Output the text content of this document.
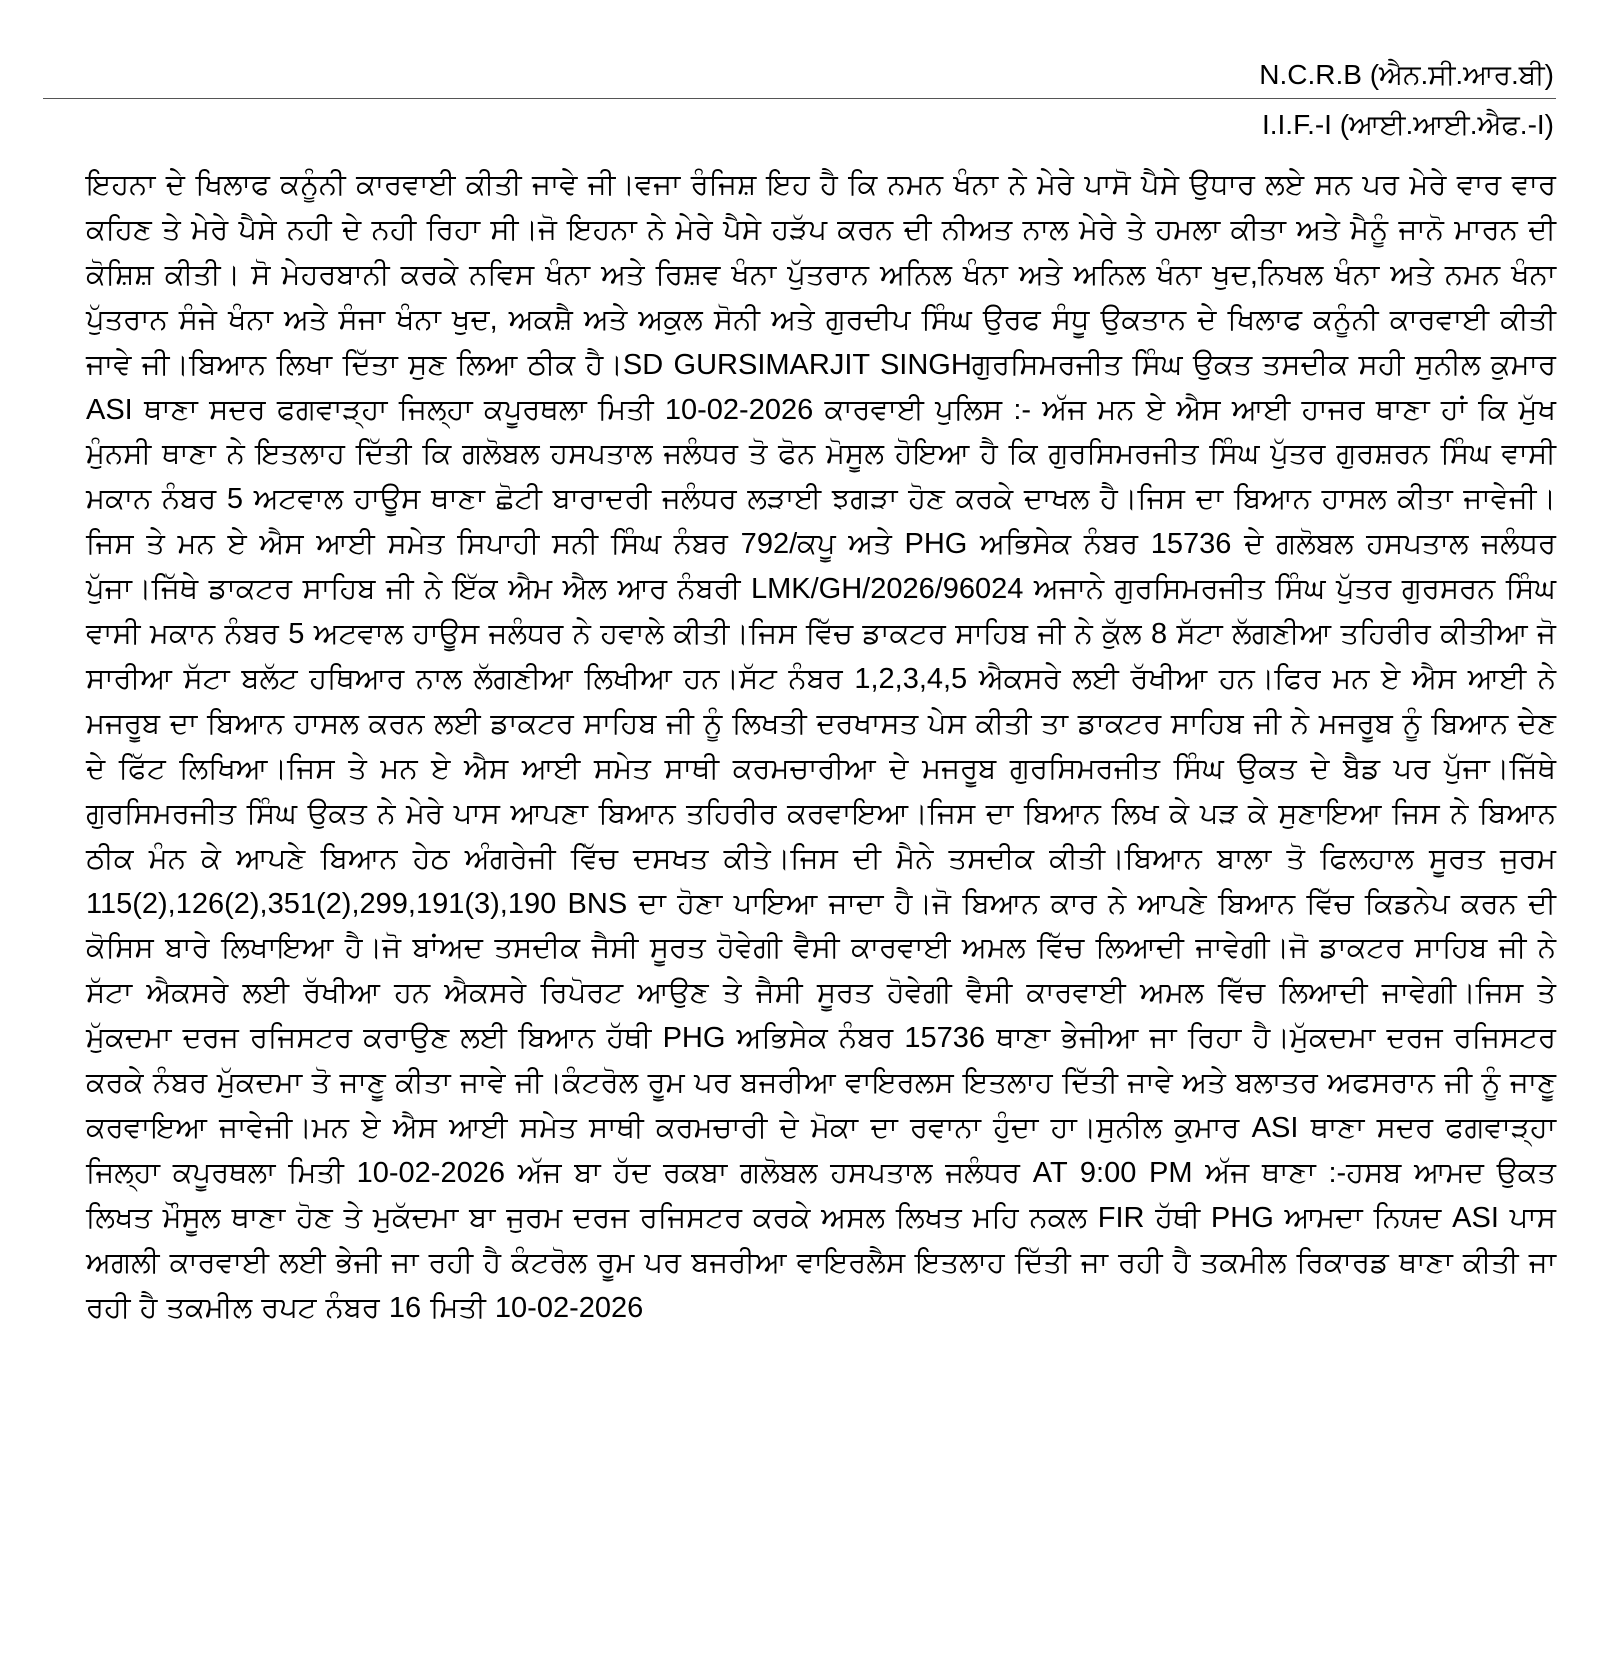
N.C.R.B (ਐਨ.ਸੀ.ਆਰ.ਬੀ)
I.I.F.-I (ਆਈ.ਆਈ.ਐਫ.-I)

ਇਹਨਾ ਦੇ ਖਿਲਾਫ ਕਨੂੰਨੀ ਕਾਰਵਾਈ ਕੀਤੀ ਜਾਵੇ ਜੀ।ਵਜਾ ਰੰਜਿਸ਼ ਇਹ ਹੈ ਕਿ ਨਮਨ ਖੰਨਾ ਨੇ ਮੇਰੇ ਪਾਸੋ ਪੈਸੇ ਉਧਾਰ ਲਏ ਸਨ ਪਰ ਮੇਰੇ ਵਾਰ ਵਾਰ ਕਹਿਣ ਤੇ ਮੇਰੇ ਪੈਸੇ ਨਹੀ ਦੇ ਨਹੀ ਰਿਹਾ ਸੀ।ਜੋ ਇਹਨਾ ਨੇ ਮੇਰੇ ਪੈਸੇ ਹੜੱਪ ਕਰਨ ਦੀ ਨੀਅਤ ਨਾਲ ਮੇਰੇ ਤੇ ਹਮਲਾ ਕੀਤਾ ਅਤੇ ਮੈਨੂੰ ਜਾਨੋ ਮਾਰਨ ਦੀ ਕੋਸ਼ਿਸ਼ ਕੀਤੀ। ਸੋ ਮੇਹਰਬਾਨੀ ਕਰਕੇ ਨਵਿਸ ਖੰਨਾ ਅਤੇ ਰਿਸ਼ਵ ਖੰਨਾ ਪੁੱਤਰਾਨ ਅਨਿਲ ਖੰਨਾ ਅਤੇ ਅਨਿਲ ਖੰਨਾ ਖੁਦ,ਨਿਖਲ ਖੰਨਾ ਅਤੇ ਨਮਨ ਖੰਨਾ ਪੁੱਤਰਾਨ ਸੰਜੇ ਖੰਨਾ ਅਤੇ ਸੰਜਾ ਖੰਨਾ ਖੁਦ, ਅਕਸ਼ੈ ਅਤੇ ਅਕੁਲ ਸੋਨੀ ਅਤੇ ਗੁਰਦੀਪ ਸਿੰਘ ਉਰਫ ਸੰਧੂ ਉਕਤਾਨ ਦੇ ਖਿਲਾਫ ਕਨੂੰਨੀ ਕਾਰਵਾਈ ਕੀਤੀ ਜਾਵੇ ਜੀ।ਬਿਆਨ ਲਿਖਾ ਦਿੱਤਾ ਸੁਣ ਲਿਆ ਠੀਕ ਹੈ।SD GURSIMARJIT SINGHਗੁਰਸਿਮਰਜੀਤ ਸਿੰਘ ਉਕਤ ਤਸਦੀਕ ਸਹੀ ਸੁਨੀਲ ਕੁਮਾਰ ASI ਥਾਣਾ ਸਦਰ ਫਗਵਾੜ੍ਹਾ ਜਿਲ੍ਹਾ ਕਪੂਰਥਲਾ ਮਿਤੀ 10-02-2026 ਕਾਰਵਾਈ ਪੁਲਿਸ :- ਅੱਜ ਮਨ ਏ ਐਸ ਆਈ ਹਾਜਰ ਥਾਣਾ ਹਾਂ ਕਿ ਮੁੱਖ ਮੁੰਨਸੀ ਥਾਣਾ ਨੇ ਇਤਲਾਹ ਦਿੱਤੀ ਕਿ ਗਲੋਬਲ ਹਸਪਤਾਲ ਜਲੰਧਰ ਤੋ ਫੋਨ ਮੋਸੂਲ ਹੋਇਆ ਹੈ ਕਿ ਗੁਰਸਿਮਰਜੀਤ ਸਿੰਘ ਪੁੱਤਰ ਗੁਰਸ਼ਰਨ ਸਿੰਘ ਵਾਸੀ ਮਕਾਨ ਨੰਬਰ 5 ਅਟਵਾਲ ਹਾਊਸ ਥਾਣਾ ਛੋਟੀ ਬਾਰਾਦਰੀ ਜਲੰਧਰ ਲੜਾਈ ਝਗੜਾ ਹੋਣ ਕਰਕੇ ਦਾਖਲ ਹੈ।ਜਿਸ ਦਾ ਬਿਆਨ ਹਾਸਲ ਕੀਤਾ ਜਾਵੇਜੀ।ਜਿਸ ਤੇ ਮਨ ਏ ਐਸ ਆਈ ਸਮੇਤ ਸਿਪਾਹੀ ਸਨੀ ਸਿੰਘ ਨੰਬਰ 792/ਕਪੂ ਅਤੇ PHG ਅਭਿਸੇਕ ਨੰਬਰ 15736 ਦੇ ਗਲੋਬਲ ਹਸਪਤਾਲ ਜਲੰਧਰ ਪੁੱਜਾ।ਜਿੱਥੇ ਡਾਕਟਰ ਸਾਹਿਬ ਜੀ ਨੇ ਇੱਕ ਐਮ ਐਲ ਆਰ ਨੰਬਰੀ LMK/GH/2026/96024 ਅਜਾਨੇ ਗੁਰਸਿਮਰਜੀਤ ਸਿੰਘ ਪੁੱਤਰ ਗੁਰਸਰਨ ਸਿੰਘ ਵਾਸੀ ਮਕਾਨ ਨੰਬਰ 5 ਅਟਵਾਲ ਹਾਊਸ ਜਲੰਧਰ ਨੇ ਹਵਾਲੇ ਕੀਤੀ।ਜਿਸ ਵਿੱਚ ਡਾਕਟਰ ਸਾਹਿਬ ਜੀ ਨੇ ਕੁੱਲ 8 ਸੱਟਾ ਲੱਗਣੀਆ ਤਹਿਰੀਰ ਕੀਤੀਆ ਜੋ ਸਾਰੀਆ ਸੱਟਾ ਬਲੱਟ ਹਥਿਆਰ ਨਾਲ ਲੱਗਣੀਆ ਲਿਖੀਆ ਹਨ।ਸੱਟ ਨੰਬਰ 1,2,3,4,5 ਐਕਸਰੇ ਲਈ ਰੱਖੀਆ ਹਨ।ਫਿਰ ਮਨ ਏ ਐਸ ਆਈ ਨੇ ਮਜਰੂਬ ਦਾ ਬਿਆਨ ਹਾਸਲ ਕਰਨ ਲਈ ਡਾਕਟਰ ਸਾਹਿਬ ਜੀ ਨੂੰ ਲਿਖਤੀ ਦਰਖਾਸਤ ਪੇਸ ਕੀਤੀ ਤਾ ਡਾਕਟਰ ਸਾਹਿਬ ਜੀ ਨੇ ਮਜਰੂਬ ਨੂੰ ਬਿਆਨ ਦੇਣ ਦੇ ਫਿੱਟ ਲਿਖਿਆ।ਜਿਸ ਤੇ ਮਨ ਏ ਐਸ ਆਈ ਸਮੇਤ ਸਾਥੀ ਕਰਮਚਾਰੀਆ ਦੇ ਮਜਰੂਬ ਗੁਰਸਿਮਰਜੀਤ ਸਿੰਘ ਉਕਤ ਦੇ ਬੈਡ ਪਰ ਪੁੱਜਾ।ਜਿੱਥੇ ਗੁਰਸਿਮਰਜੀਤ ਸਿੰਘ ਉਕਤ ਨੇ ਮੇਰੇ ਪਾਸ ਆਪਣਾ ਬਿਆਨ ਤਹਿਰੀਰ ਕਰਵਾਇਆ।ਜਿਸ ਦਾ ਬਿਆਨ ਲਿਖ ਕੇ ਪੜ ਕੇ ਸੁਣਾਇਆ ਜਿਸ ਨੇ ਬਿਆਨ ਠੀਕ ਮੰਨ ਕੇ ਆਪਣੇ ਬਿਆਨ ਹੇਠ ਅੰਗਰੇਜੀ ਵਿੱਚ ਦਸਖਤ ਕੀਤੇ।ਜਿਸ ਦੀ ਮੈਨੇ ਤਸਦੀਕ ਕੀਤੀ।ਬਿਆਨ ਬਾਲਾ ਤੋ ਫਿਲਹਾਲ ਸੂਰਤ ਜੁਰਮ 115(2),126(2),351(2),299,191(3),190 BNS ਦਾ ਹੋਣਾ ਪਾਇਆ ਜਾਦਾ ਹੈ।ਜੋ ਬਿਆਨ ਕਾਰ ਨੇ ਆਪਣੇ ਬਿਆਨ ਵਿੱਚ ਕਿਡਨੇਪ ਕਰਨ ਦੀ ਕੋਸਿਸ ਬਾਰੇ ਲਿਖਾਇਆ ਹੈ।ਜੋ ਬਾਂਅਦ ਤਸਦੀਕ ਜੈਸੀ ਸੂਰਤ ਹੋਵੇਗੀ ਵੈਸੀ ਕਾਰਵਾਈ ਅਮਲ ਵਿੱਚ ਲਿਆਦੀ ਜਾਵੇਗੀ।ਜੋ ਡਾਕਟਰ ਸਾਹਿਬ ਜੀ ਨੇ ਸੱਟਾ ਐਕਸਰੇ ਲਈ ਰੱਖੀਆ ਹਨ ਐਕਸਰੇ ਰਿਪੋਰਟ ਆਉਣ ਤੇ ਜੈਸੀ ਸੂਰਤ ਹੋਵੇਗੀ ਵੈਸੀ ਕਾਰਵਾਈ ਅਮਲ ਵਿੱਚ ਲਿਆਦੀ ਜਾਵੇਗੀ।ਜਿਸ ਤੇ ਮੁੱਕਦਮਾ ਦਰਜ ਰਜਿਸਟਰ ਕਰਾਉਣ ਲਈ ਬਿਆਨ ਹੱਥੀ PHG ਅਭਿਸੇਕ ਨੰਬਰ 15736 ਥਾਣਾ ਭੇਜੀਆ ਜਾ ਰਿਹਾ ਹੈ।ਮੁੱਕਦਮਾ ਦਰਜ ਰਜਿਸਟਰ ਕਰਕੇ ਨੰਬਰ ਮੁੱਕਦਮਾ ਤੋ ਜਾਣੂ ਕੀਤਾ ਜਾਵੇ ਜੀ।ਕੰਟਰੋਲ ਰੂਮ ਪਰ ਬਜਰੀਆ ਵਾਇਰਲਸ ਇਤਲਾਹ ਦਿੱਤੀ ਜਾਵੇ ਅਤੇ ਬਲਾਤਰ ਅਫਸਰਾਨ ਜੀ ਨੂੰ ਜਾਣੂ ਕਰਵਾਇਆ ਜਾਵੇਜੀ।ਮਨ ਏ ਐਸ ਆਈ ਸਮੇਤ ਸਾਥੀ ਕਰਮਚਾਰੀ ਦੇ ਮੋਕਾ ਦਾ ਰਵਾਨਾ ਹੁੰਦਾ ਹਾ।ਸੁਨੀਲ ਕੁਮਾਰ ASI ਥਾਣਾ ਸਦਰ ਫਗਵਾੜ੍ਹਾ ਜਿਲ੍ਹਾ ਕਪੂਰਥਲਾ ਮਿਤੀ 10-02-2026 ਅੱਜ ਬਾ ਹੱਦ ਰਕਬਾ ਗਲੋਬਲ ਹਸਪਤਾਲ ਜਲੰਧਰ AT 9:00 PM ਅੱਜ ਥਾਣਾ :-ਹਸਬ ਆਮਦ ਉਕਤ ਲਿਖਤ ਮੌਸੂਲ ਥਾਣਾ ਹੋਣ ਤੇ ਮੁਕੱਦਮਾ ਬਾ ਜੁਰਮ ਦਰਜ ਰਜਿਸਟਰ ਕਰਕੇ ਅਸਲ ਲਿਖਤ ਮਹਿ ਨਕਲ FIR ਹੱਥੀ PHG ਆਮਦਾ ਨਿਯਦ ASI ਪਾਸ ਅਗਲੀ ਕਾਰਵਾਈ ਲਈ ਭੇਜੀ ਜਾ ਰਹੀ ਹੈ ਕੰਟਰੋਲ ਰੂਮ ਪਰ ਬਜਰੀਆ ਵਾਇਰਲੈਸ ਇਤਲਾਹ ਦਿੱਤੀ ਜਾ ਰਹੀ ਹੈ ਤਕਮੀਲ ਰਿਕਾਰਡ ਥਾਣਾ ਕੀਤੀ ਜਾ ਰਹੀ ਹੈ ਤਕਮੀਲ ਰਪਟ ਨੰਬਰ 16 ਮਿਤੀ 10-02-2026
